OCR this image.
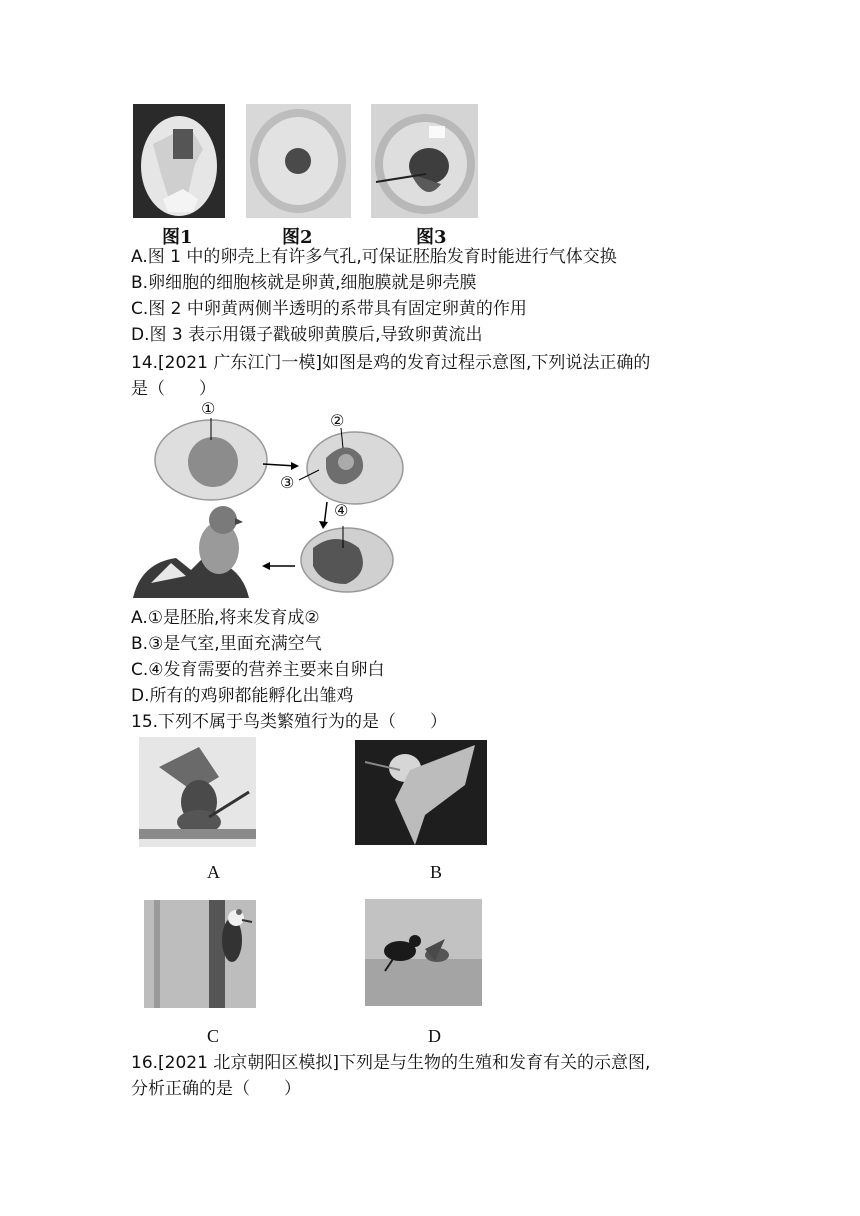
图1	图2	图3
A.图 1 中的卵壳上有许多气孔,可保证胚胎发育时能进行气体交换
B.卵细胞的细胞核就是卵黄,细胞膜就是卵壳膜
C.图 2 中卵黄两侧半透明的系带具有固定卵黄的作用
D.图 3 表示用镊子戳破卵黄膜后,导致卵黄流出
14.[2021 广东江门一模]如图是鸡的发育过程示意图,下列说法正确的
是（　　）
①
②
③
④
A.①是胚胎,将来发育成②
B.③是气室,里面充满空气
C.④发育需要的营养主要来自卵白
D.所有的鸡卵都能孵化出雏鸡
15.下列不属于鸟类繁殖行为的是（　　）
A	B
C	D
16.[2021 北京朝阳区模拟]下列是与生物的生殖和发育有关的示意图,
分析正确的是（　　）
